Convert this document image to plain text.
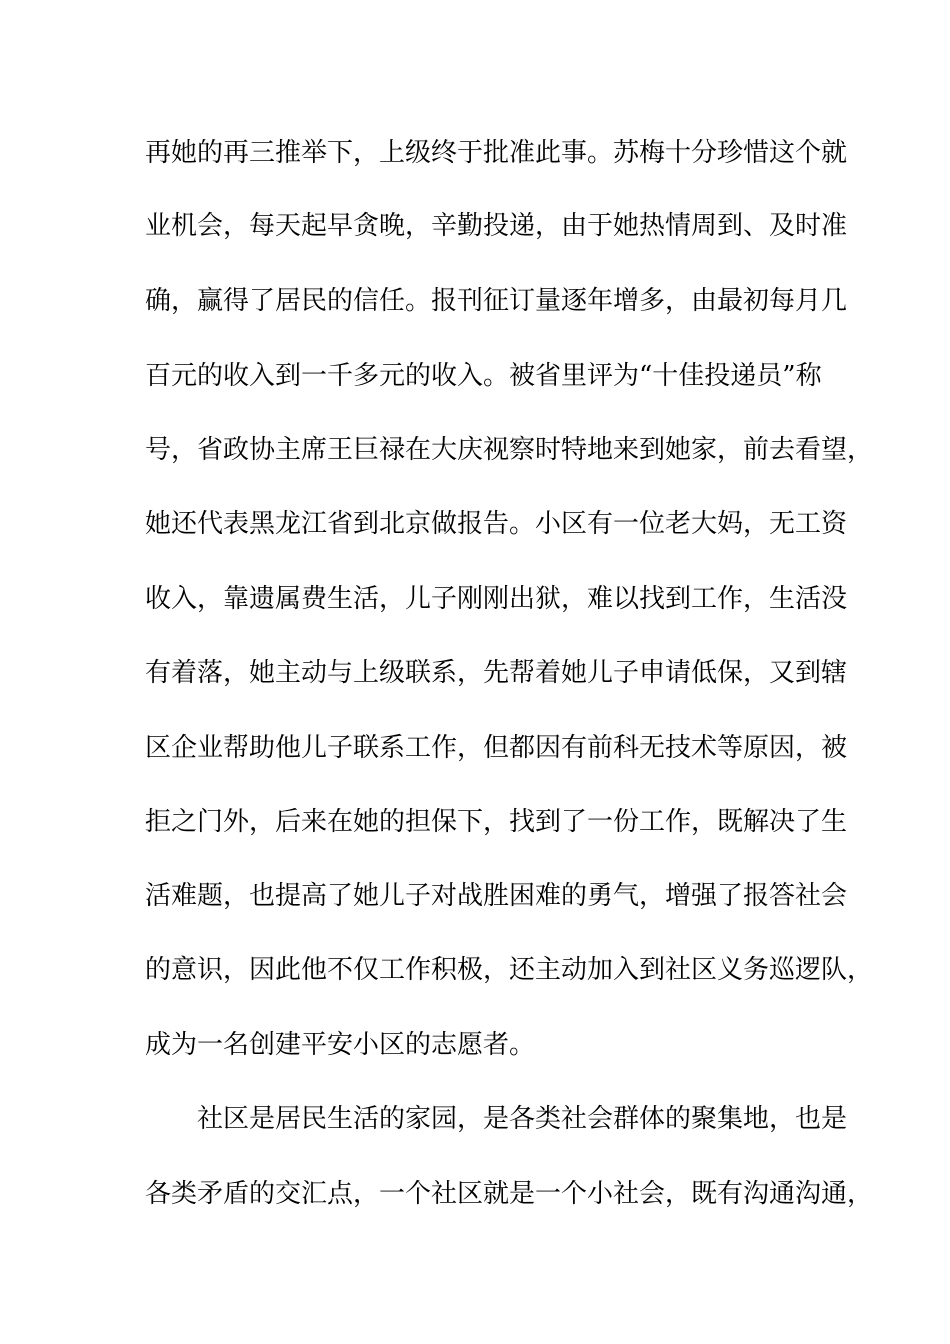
再她的再三推举下，上级终于批准此事。苏梅十分珍惜这个就
业机会，每天起早贪晚，辛勤投递，由于她热情周到、及时准
确，赢得了居民的信任。报刊征订量逐年增多，由最初每月几
百元的收入到一千多元的收入。被省里评为“十佳投递员”称
号，省政协主席王巨禄在大庆视察时特地来到她家，前去看望，
她还代表黑龙江省到北京做报告。小区有一位老大妈，无工资
收入，靠遗属费生活，儿子刚刚出狱，难以找到工作，生活没
有着落，她主动与上级联系，先帮着她儿子申请低保，又到辖
区企业帮助他儿子联系工作，但都因有前科无技术等原因，被
拒之门外，后来在她的担保下，找到了一份工作，既解决了生
活难题，也提高了她儿子对战胜困难的勇气，增强了报答社会
的意识，因此他不仅工作积极，还主动加入到社区义务巡逻队，
成为一名创建平安小区的志愿者。
　　社区是居民生活的家园，是各类社会群体的聚集地，也是
各类矛盾的交汇点，一个社区就是一个小社会，既有沟通沟通，
